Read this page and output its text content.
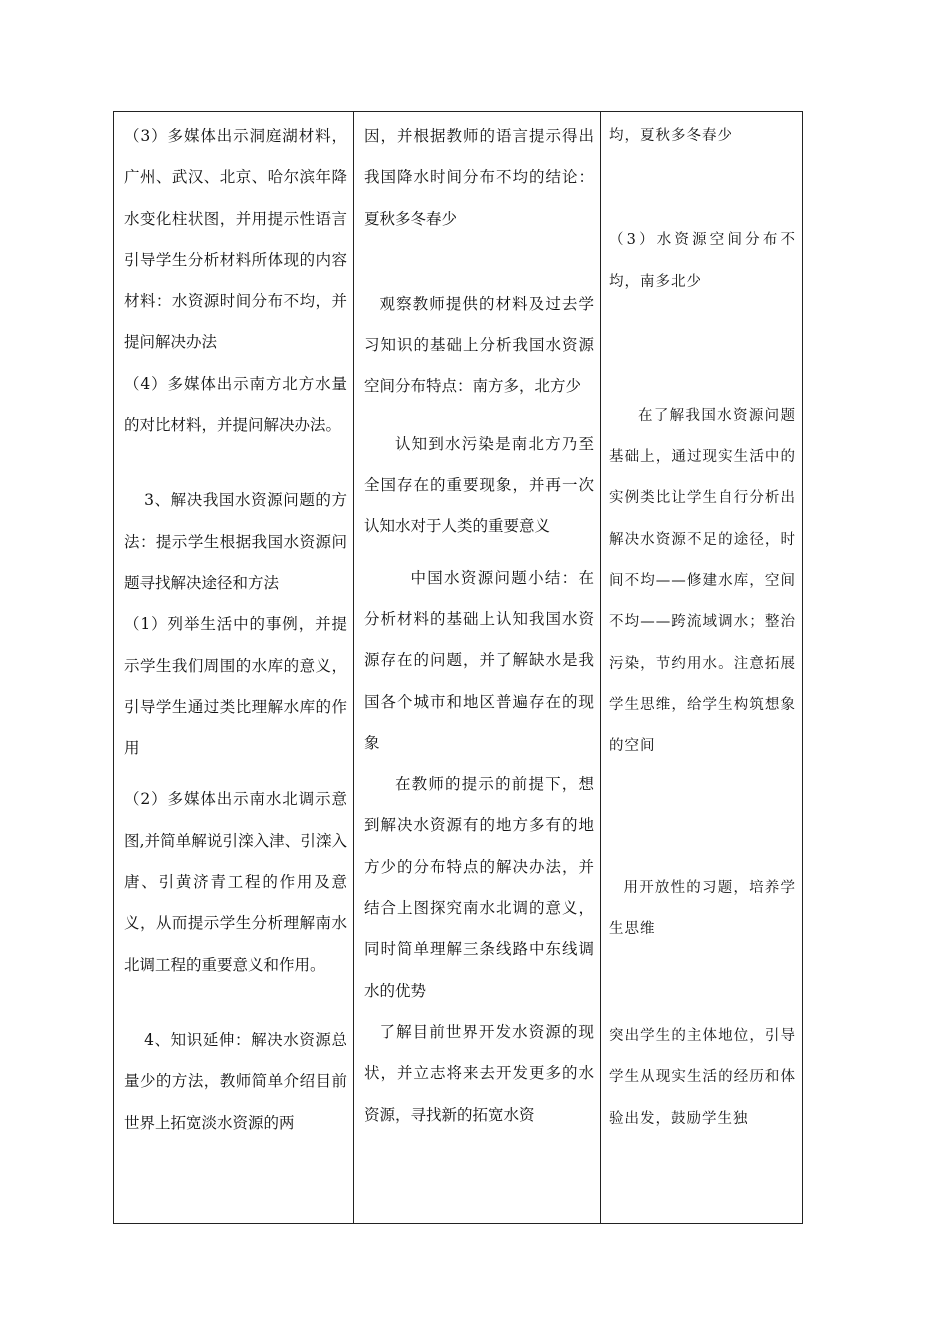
（3）多媒体出示洞庭湖材料，广州、武汉、北京、哈尔滨年降水变化柱状图，并用提示性语言引导学生分析材料所体现的内容材料：水资源时间分布不均，并提问解决办法

（4）多媒体出示南方北方水量的对比材料，并提问解决办法。

3、解决我国水资源问题的方法：提示学生根据我国水资源问题寻找解决途径和方法

（1）列举生活中的事例，并提示学生我们周围的水库的意义，引导学生通过类比理解水库的作用

（2）多媒体出示南水北调示意图,并简单解说引滦入津、引滦入唐、引黄济青工程的作用及意义，从而提示学生分析理解南水北调工程的重要意义和作用。

4、知识延伸：解决水资源总量少的方法，教师简单介绍目前世界上拓宽淡水资源的两

因，并根据教师的语言提示得出我国降水时间分布不均的结论：夏秋多冬春少

观察教师提供的材料及过去学习知识的基础上分析我国水资源空间分布特点：南方多，北方少

认知到水污染是南北方乃至全国存在的重要现象，并再一次认知水对于人类的重要意义

中国水资源问题小结：在分析材料的基础上认知我国水资源存在的问题，并了解缺水是我国各个城市和地区普遍存在的现象

在教师的提示的前提下，想到解决水资源有的地方多有的地方少的分布特点的解决办法，并结合上图探究南水北调的意义，同时简单理解三条线路中东线调水的优势

了解目前世界开发水资源的现状，并立志将来去开发更多的水资源，寻找新的拓宽水资

均，夏秋多冬春少

（3）水资源空间分布不均，南多北少

在了解我国水资源问题基础上，通过现实生活中的实例类比让学生自行分析出解决水资源不足的途径，时间不均——修建水库，空间不均——跨流域调水；整治污染，节约用水。注意拓展学生思维，给学生构筑想象的空间

用开放性的习题，培养学生思维

突出学生的主体地位，引导学生从现实生活的经历和体验出发，鼓励学生独
